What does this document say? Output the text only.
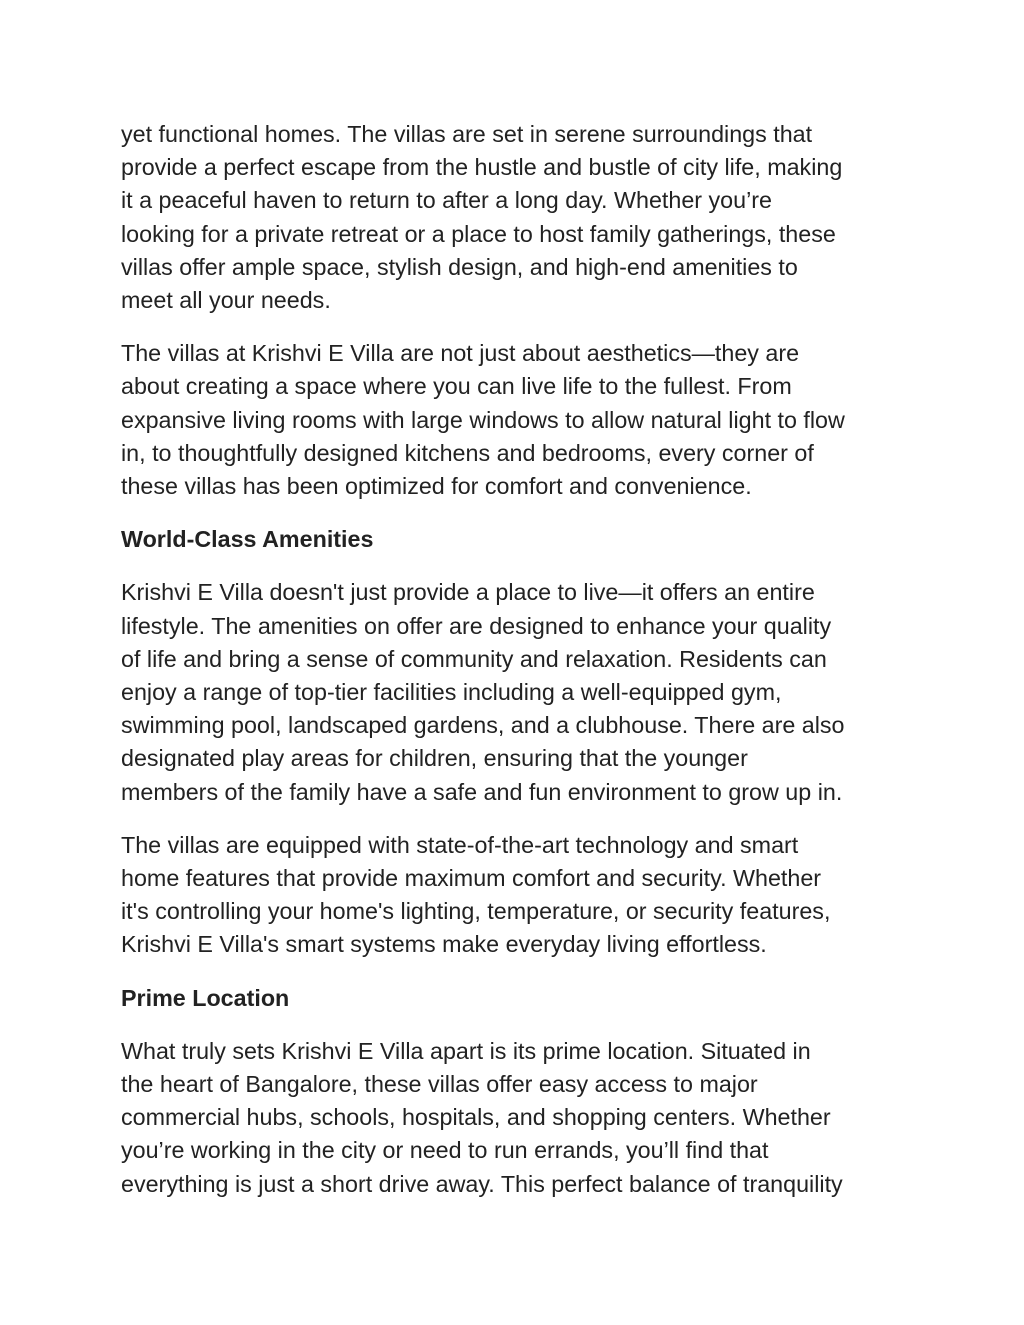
yet functional homes. The villas are set in serene surroundings that
provide a perfect escape from the hustle and bustle of city life, making
it a peaceful haven to return to after a long day. Whether you’re
looking for a private retreat or a place to host family gatherings, these
villas offer ample space, stylish design, and high-end amenities to
meet all your needs.

The villas at Krishvi E Villa are not just about aesthetics—they are
about creating a space where you can live life to the fullest. From
expansive living rooms with large windows to allow natural light to flow
in, to thoughtfully designed kitchens and bedrooms, every corner of
these villas has been optimized for comfort and convenience.

World-Class Amenities

Krishvi E Villa doesn't just provide a place to live—it offers an entire
lifestyle. The amenities on offer are designed to enhance your quality
of life and bring a sense of community and relaxation. Residents can
enjoy a range of top-tier facilities including a well-equipped gym,
swimming pool, landscaped gardens, and a clubhouse. There are also
designated play areas for children, ensuring that the younger
members of the family have a safe and fun environment to grow up in.

The villas are equipped with state-of-the-art technology and smart
home features that provide maximum comfort and security. Whether
it's controlling your home's lighting, temperature, or security features,
Krishvi E Villa's smart systems make everyday living effortless.

Prime Location

What truly sets Krishvi E Villa apart is its prime location. Situated in
the heart of Bangalore, these villas offer easy access to major
commercial hubs, schools, hospitals, and shopping centers. Whether
you’re working in the city or need to run errands, you’ll find that
everything is just a short drive away. This perfect balance of tranquility
